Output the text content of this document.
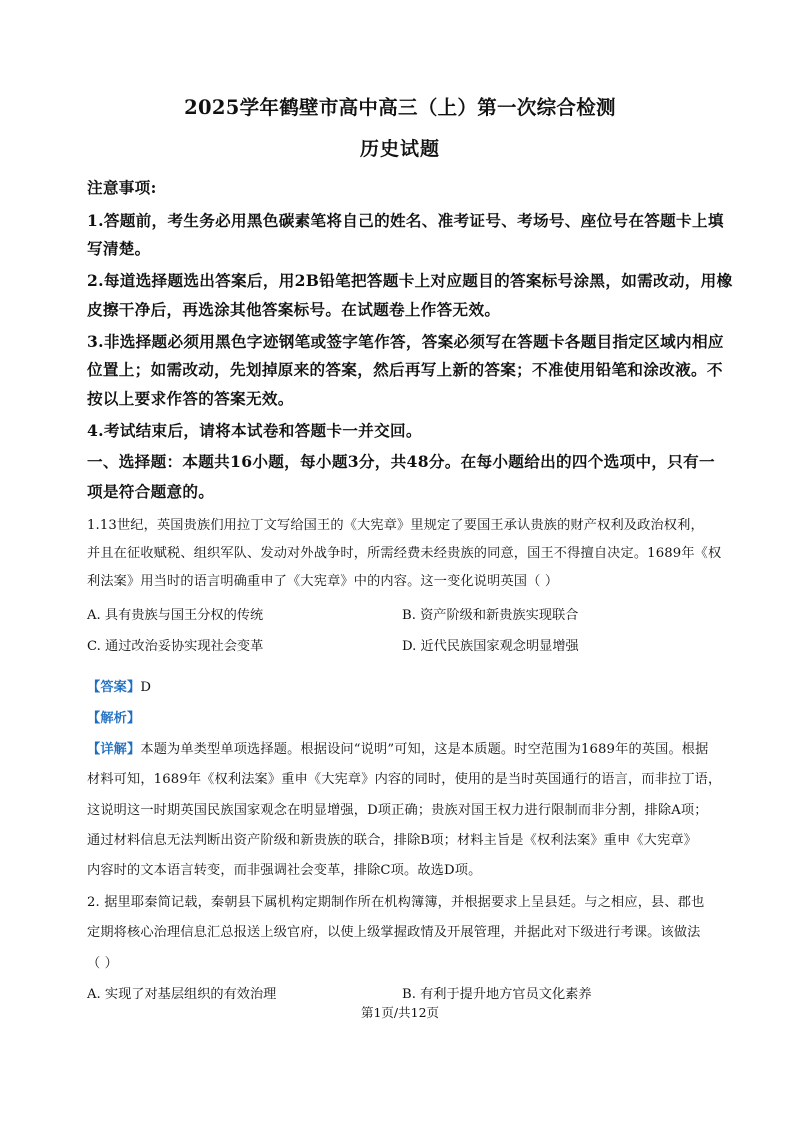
2025学年鹤壁市高中高三（上）第一次综合检测
历史试题
注意事项:
1.答题前，考生务必用黑色碳素笔将自己的姓名、准考证号、考场号、座位号在答题卡上填
写清楚。
2.每道选择题选出答案后，用2B铅笔把答题卡上对应题目的答案标号涂黑，如需改动，用橡
皮擦干净后，再选涂其他答案标号。在试题卷上作答无效。
3.非选择题必须用黑色字迹钢笔或签字笔作答，答案必须写在答题卡各题目指定区域内相应
位置上；如需改动，先划掉原来的答案，然后再写上新的答案；不准使用铅笔和涂改液。不
按以上要求作答的答案无效。
4.考试结束后，请将本试卷和答题卡一并交回。
一、选择题：本题共16小题，每小题3分，共48分。在每小题给出的四个选项中，只有一
项是符合题意的。
1.13世纪，英国贵族们用拉丁文写给国王的《大宪章》里规定了要国王承认贵族的财产权利及政治权利，
并且在征收赋税、组织军队、发动对外战争时，所需经费未经贵族的同意，国王不得擅自决定。1689年《权
利法案》用当时的语言明确重申了《大宪章》中的内容。这一变化说明英国（ ）
A. 具有贵族与国王分权的传统	B. 资产阶级和新贵族实现联合
C. 通过改治妥协实现社会变革	D. 近代民族国家观念明显增强
【答案】D
【解析】
【详解】本题为单类型单项选择题。根据设问“说明”可知，这是本质题。时空范围为1689年的英国。根据
材料可知，1689年《权利法案》重申《大宪章》内容的同时，使用的是当时英国通行的语言，而非拉丁语，
这说明这一时期英国民族国家观念在明显增强，D项正确；贵族对国王权力进行限制而非分割，排除A项；
通过材料信息无法判断出资产阶级和新贵族的联合，排除B项；材料主旨是《权利法案》重申《大宪章》
内容时的文本语言转变，而非强调社会变革，排除C项。故选D项。
2. 据里耶秦简记载，秦朝县下属机构定期制作所在机构簿簿，并根据要求上呈县廷。与之相应，县、郡也
定期将核心治理信息汇总报送上级官府，以使上级掌握政情及开展管理，并据此对下级进行考课。该做法
（ ）
A. 实现了对基层组织的有效治理	B. 有利于提升地方官员文化素养
第1页/共12页
